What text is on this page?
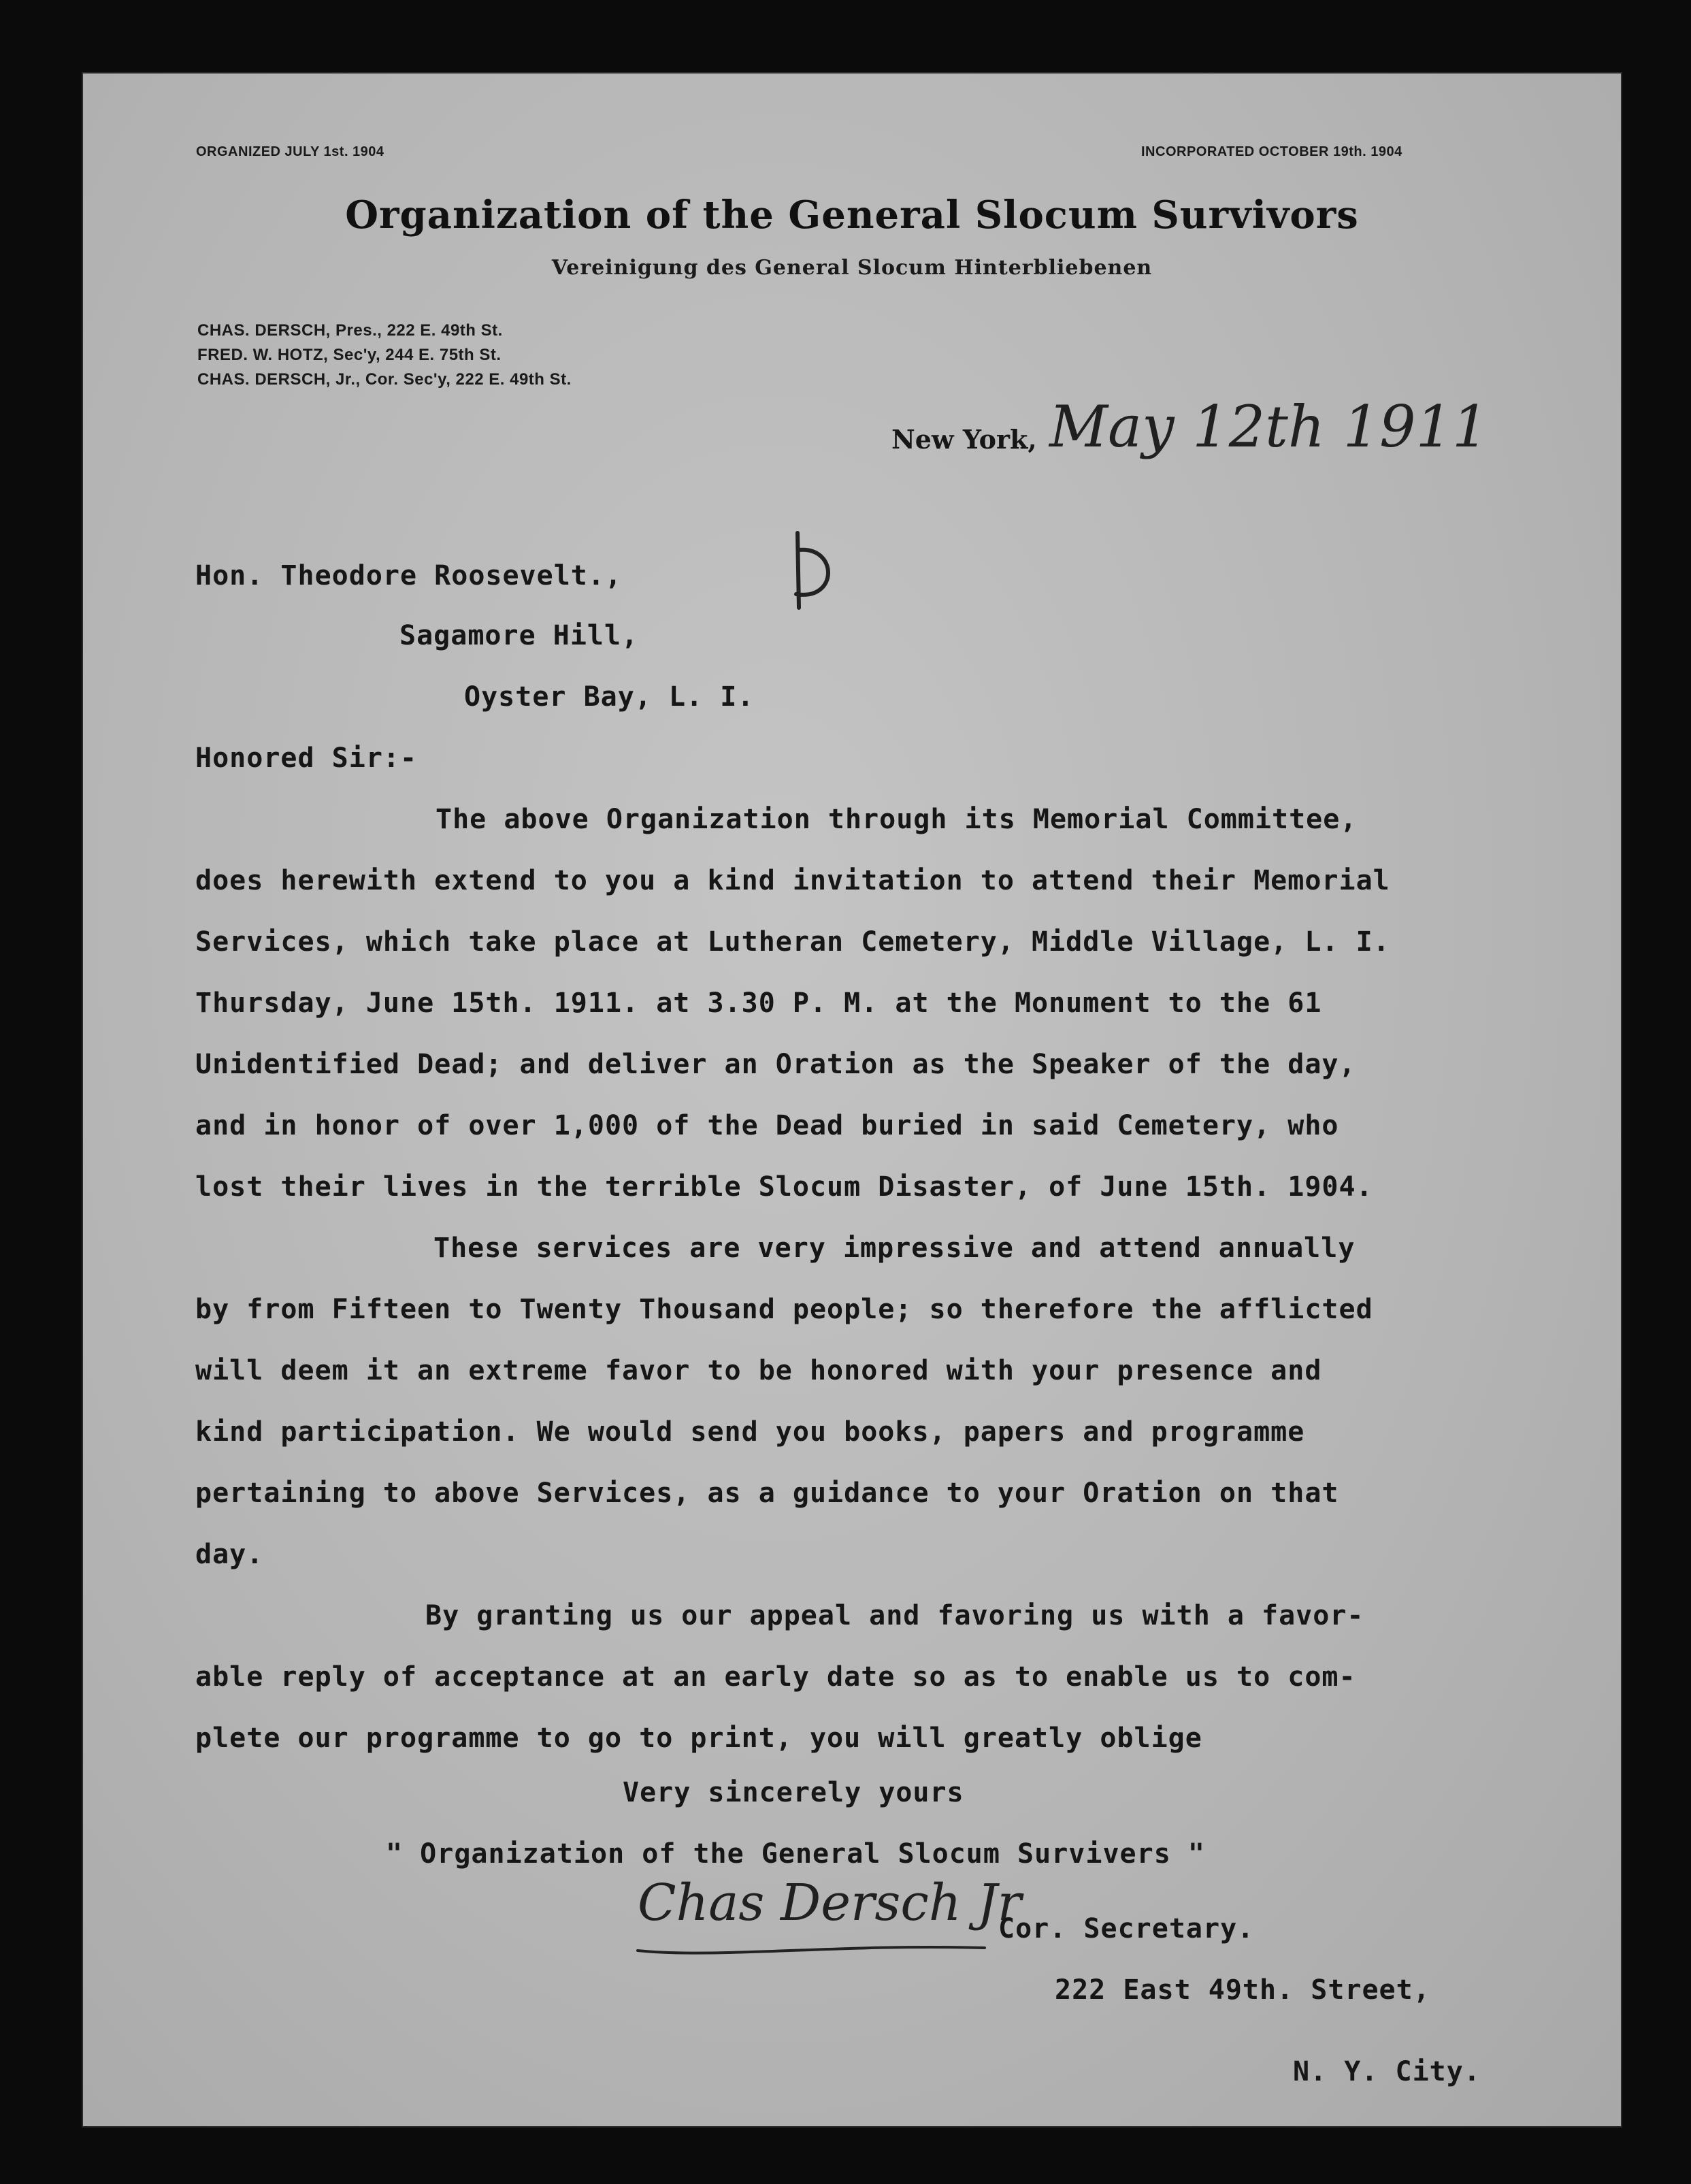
ORGANIZED JULY 1st. 1904	INCORPORATED OCTOBER 19th. 1904
Organization of the General Slocum Survivors
Vereinigung des General Slocum Hinterbliebenen
CHAS. DERSCH, Pres., 222 E. 49th St.
FRED. W. HOTZ, Sec'y, 244 E. 75th St.
CHAS. DERSCH, Jr., Cor. Sec'y, 222 E. 49th St.
New York, May 12th 1911
Hon. Theodore Roosevelt.,
Sagamore Hill,
Oyster Bay, L. I.
Honored Sir:-
The above Organization through its Memorial Committee,
does herewith extend to you a kind invitation to attend their Memorial
Services, which take place at Lutheran Cemetery, Middle Village, L. I.
Thursday, June 15th. 1911. at 3.30 P. M. at the Monument to the 61
Unidentified Dead; and deliver an Oration as the Speaker of the day,
and in honor of over 1,000 of the Dead buried in said Cemetery, who
lost their lives in the terrible Slocum Disaster, of June 15th. 1904.
These services are very impressive and attend annually
by from Fifteen to Twenty Thousand people; so therefore the afflicted
will deem it an extreme favor to be honored with your presence and
kind participation. We would send you books, papers and programme
pertaining to above Services, as a guidance to your Oration on that
day.
By granting us our appeal and favoring us with a favor-
able reply of acceptance at an early date so as to enable us to com-
plete our programme to go to print, you will greatly oblige
Very sincerely yours
" Organization of the General Slocum Survivers "
Chas Dersch Jr
Cor. Secretary.
222 East 49th. Street,
N. Y. City.
